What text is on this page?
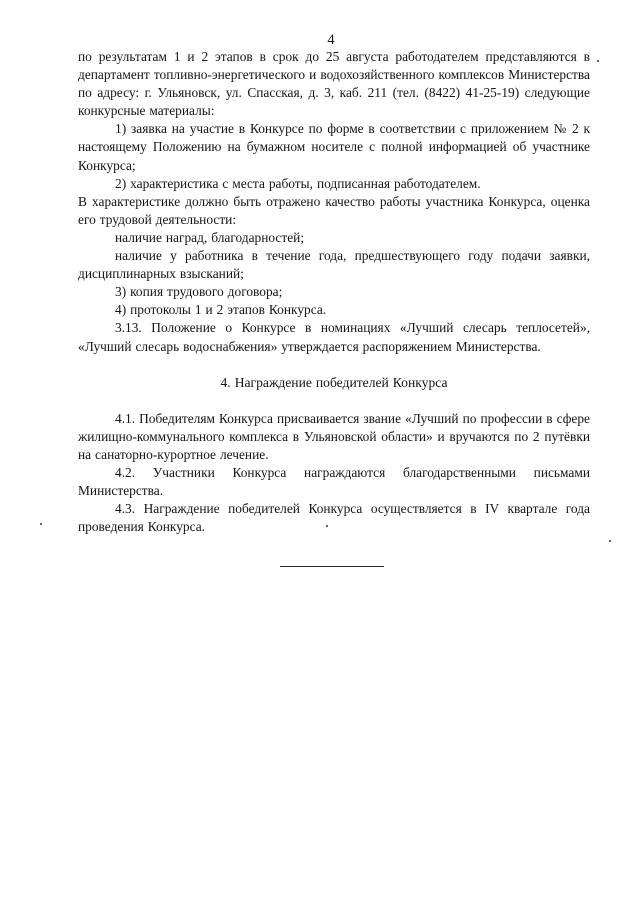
4

по результатам 1 и 2 этапов в срок до 25 августа работодателем представляются в департамент топливно-энергетического и водохозяйственного комплексов Министерства по адресу: г. Ульяновск, ул. Спасская, д. 3, каб. 211 (тел. (8422) 41-25-19) следующие конкурсные материалы:

1) заявка на участие в Конкурсе по форме в соответствии с приложением № 2 к настоящему Положению на бумажном носителе с полной информацией об участнике Конкурса;

2) характеристика с места работы, подписанная работодателем.

В характеристике должно быть отражено качество работы участника Конкурса, оценка его трудовой деятельности:

наличие наград, благодарностей;

наличие у работника в течение года, предшествующего году подачи заявки, дисциплинарных взысканий;

3) копия трудового договора;

4) протоколы 1 и 2 этапов Конкурса.

3.13. Положение о Конкурсе в номинациях «Лучший слесарь теплосетей», «Лучший слесарь водоснабжения» утверждается распоряжением Министерства.

4. Награждение победителей Конкурса

4.1. Победителям Конкурса присваивается звание «Лучший по профессии в сфере жилищно-коммунального комплекса в Ульяновской области» и вручаются по 2 путёвки на санаторно-курортное лечение.

4.2. Участники Конкурса награждаются благодарственными письмами Министерства.

4.3. Награждение победителей Конкурса осуществляется в IV квартале года проведения Конкурса.
